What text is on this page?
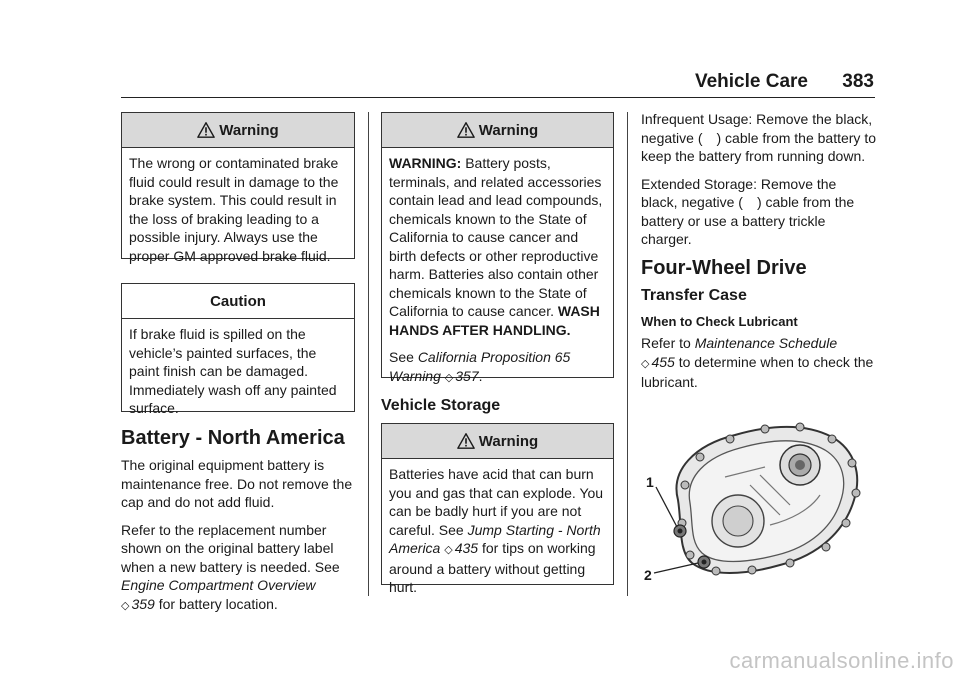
Vehicle Care 383
Warning
The wrong or contaminated brake fluid could result in damage to the brake system. This could result in the loss of braking leading to a possible injury. Always use the proper GM approved brake fluid.
Caution
If brake fluid is spilled on the vehicle’s painted surfaces, the paint finish can be damaged. Immediately wash off any painted surface.
Battery - North America

The original equipment battery is maintenance free. Do not remove the cap and do not add fluid.

Refer to the replacement number shown on the original battery label when a new battery is needed. See Engine Compartment Overview
◇ 359 for battery location.

Warning
WARNING: Battery posts, terminals, and related accessories contain lead and lead compounds, chemicals known to the State of California to cause cancer and birth defects or other reproductive harm. Batteries also contain other chemicals known to the State of California to cause cancer. WASH HANDS AFTER HANDLING.
See California Proposition 65 Warning ◇ 357.
Vehicle Storage
Warning
Batteries have acid that can burn you and gas that can explode. You can be badly hurt if you are not careful. See Jump Starting - North America ◇ 435 for tips on working around a battery without getting hurt.

Infrequent Usage: Remove the black, negative ( ) cable from the battery to keep the battery from running down.

Extended Storage: Remove the black, negative ( ) cable from the battery or use a battery trickle charger.

Four-Wheel Drive
Transfer Case
When to Check Lubricant

Refer to Maintenance Schedule
◇ 455 to determine when to check the lubricant.

1
2
carmanualsonline.info
